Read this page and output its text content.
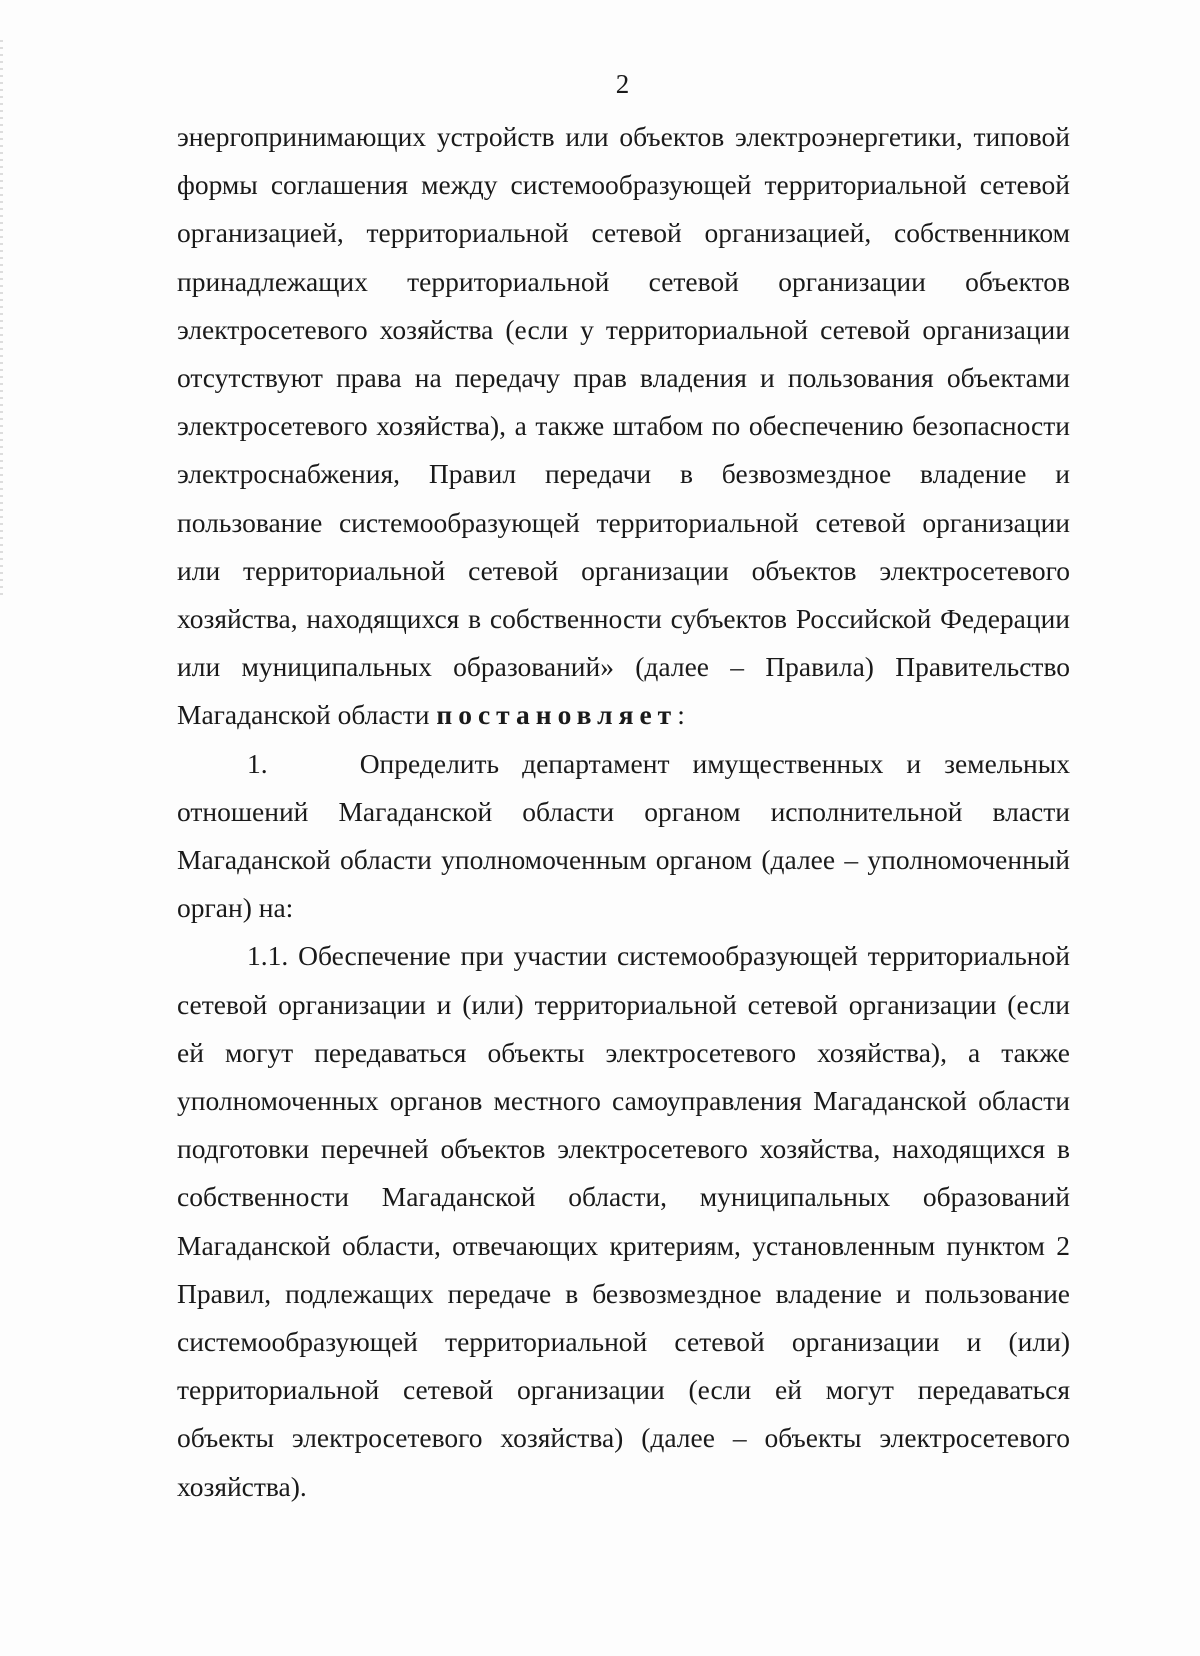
2

энергопринимающих устройств или объектов электроэнергетики, типовой формы соглашения между системообразующей территориальной сетевой организацией, территориальной сетевой организацией, собственником принадлежащих территориальной сетевой организации объектов электросетевого хозяйства (если у территориальной сетевой организации отсутствуют права на передачу прав владения и пользования объектами электросетевого хозяйства), а также штабом по обеспечению безопасности электроснабжения, Правил передачи в безвозмездное владение и пользование системообразующей территориальной сетевой организации или территориальной сетевой организации объектов электросетевого хозяйства, находящихся в собственности субъектов Российской Федерации или муниципальных образований» (далее – Правила) Правительство Магаданской области постановляет:

1.    Определить департамент имущественных и земельных отношений Магаданской области органом исполнительной власти Магаданской области уполномоченным органом (далее – уполномоченный орган) на:

1.1. Обеспечение при участии системообразующей территориальной сетевой организации и (или) территориальной сетевой организации (если ей могут передаваться объекты электросетевого хозяйства), а также уполномоченных органов местного самоуправления Магаданской области подготовки перечней объектов электросетевого хозяйства, находящихся в собственности Магаданской области, муниципальных образований Магаданской области, отвечающих критериям, установленным пунктом 2 Правил, подлежащих передаче в безвозмездное владение и пользование системообразующей территориальной сетевой организации и (или) территориальной сетевой организации (если ей могут передаваться объекты электросетевого хозяйства) (далее – объекты электросетевого хозяйства).
